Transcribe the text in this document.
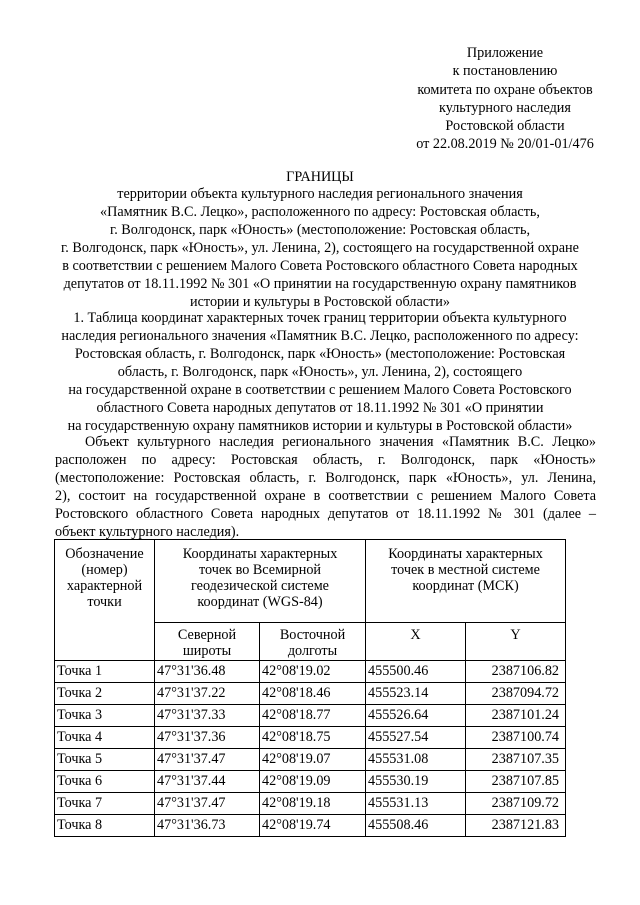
Приложение
к постановлению
комитета по охране объектов
культурного наследия
Ростовской области
от 22.08.2019 № 20/01-01/476
ГРАНИЦЫ
территории объекта культурного наследия регионального значения
«Памятник В.С. Лецко», расположенного по адресу: Ростовская область,
г. Волгодонск, парк «Юность» (местоположение: Ростовская область,
г. Волгодонск, парк «Юность», ул. Ленина, 2), состоящего на государственной охране
в соответствии с решением Малого Совета Ростовского областного Совета народных
депутатов от 18.11.1992 № 301 «О принятии на государственную охрану памятников
истории и культуры в Ростовской области»
1. Таблица координат характерных точек границ территории объекта культурного
наследия регионального значения «Памятник В.С. Лецко, расположенного по адресу:
Ростовская область, г. Волгодонск, парк «Юность» (местоположение: Ростовская
область, г. Волгодонск, парк «Юность», ул. Ленина, 2), состоящего
на государственной охране в соответствии с решением Малого Совета Ростовского
областного Совета народных депутатов от 18.11.1992 № 301 «О принятии
на государственную охрану памятников истории и культуры в Ростовской области»
Объект культурного наследия регионального значения «Памятник В.С. Лецко»
расположен по адресу: Ростовская область, г. Волгодонск, парк «Юность»
(местоположение: Ростовская область, г. Волгодонск, парк «Юность», ул. Ленина,
2), состоит на государственной охране в соответствии с решением Малого Совета
Ростовского областного Совета народных депутатов от 18.11.1992 № 301 (далее –
объект культурного наследия).
Обозначение (номер) характерной точки	Координаты характерных точек во Всемирной геодезической системе координат (WGS-84)		Координаты характерных точек в местной системе координат (МСК)	
	Северной широты	Восточной долготы	X	Y
Точка 1	47°31'36.48	42°08'19.02	455500.46	2387106.82
Точка 2	47°31'37.22	42°08'18.46	455523.14	2387094.72
Точка 3	47°31'37.33	42°08'18.77	455526.64	2387101.24
Точка 4	47°31'37.36	42°08'18.75	455527.54	2387100.74
Точка 5	47°31'37.47	42°08'19.07	455531.08	2387107.35
Точка 6	47°31'37.44	42°08'19.09	455530.19	2387107.85
Точка 7	47°31'37.47	42°08'19.18	455531.13	2387109.72
Точка 8	47°31'36.73	42°08'19.74	455508.46	2387121.83
